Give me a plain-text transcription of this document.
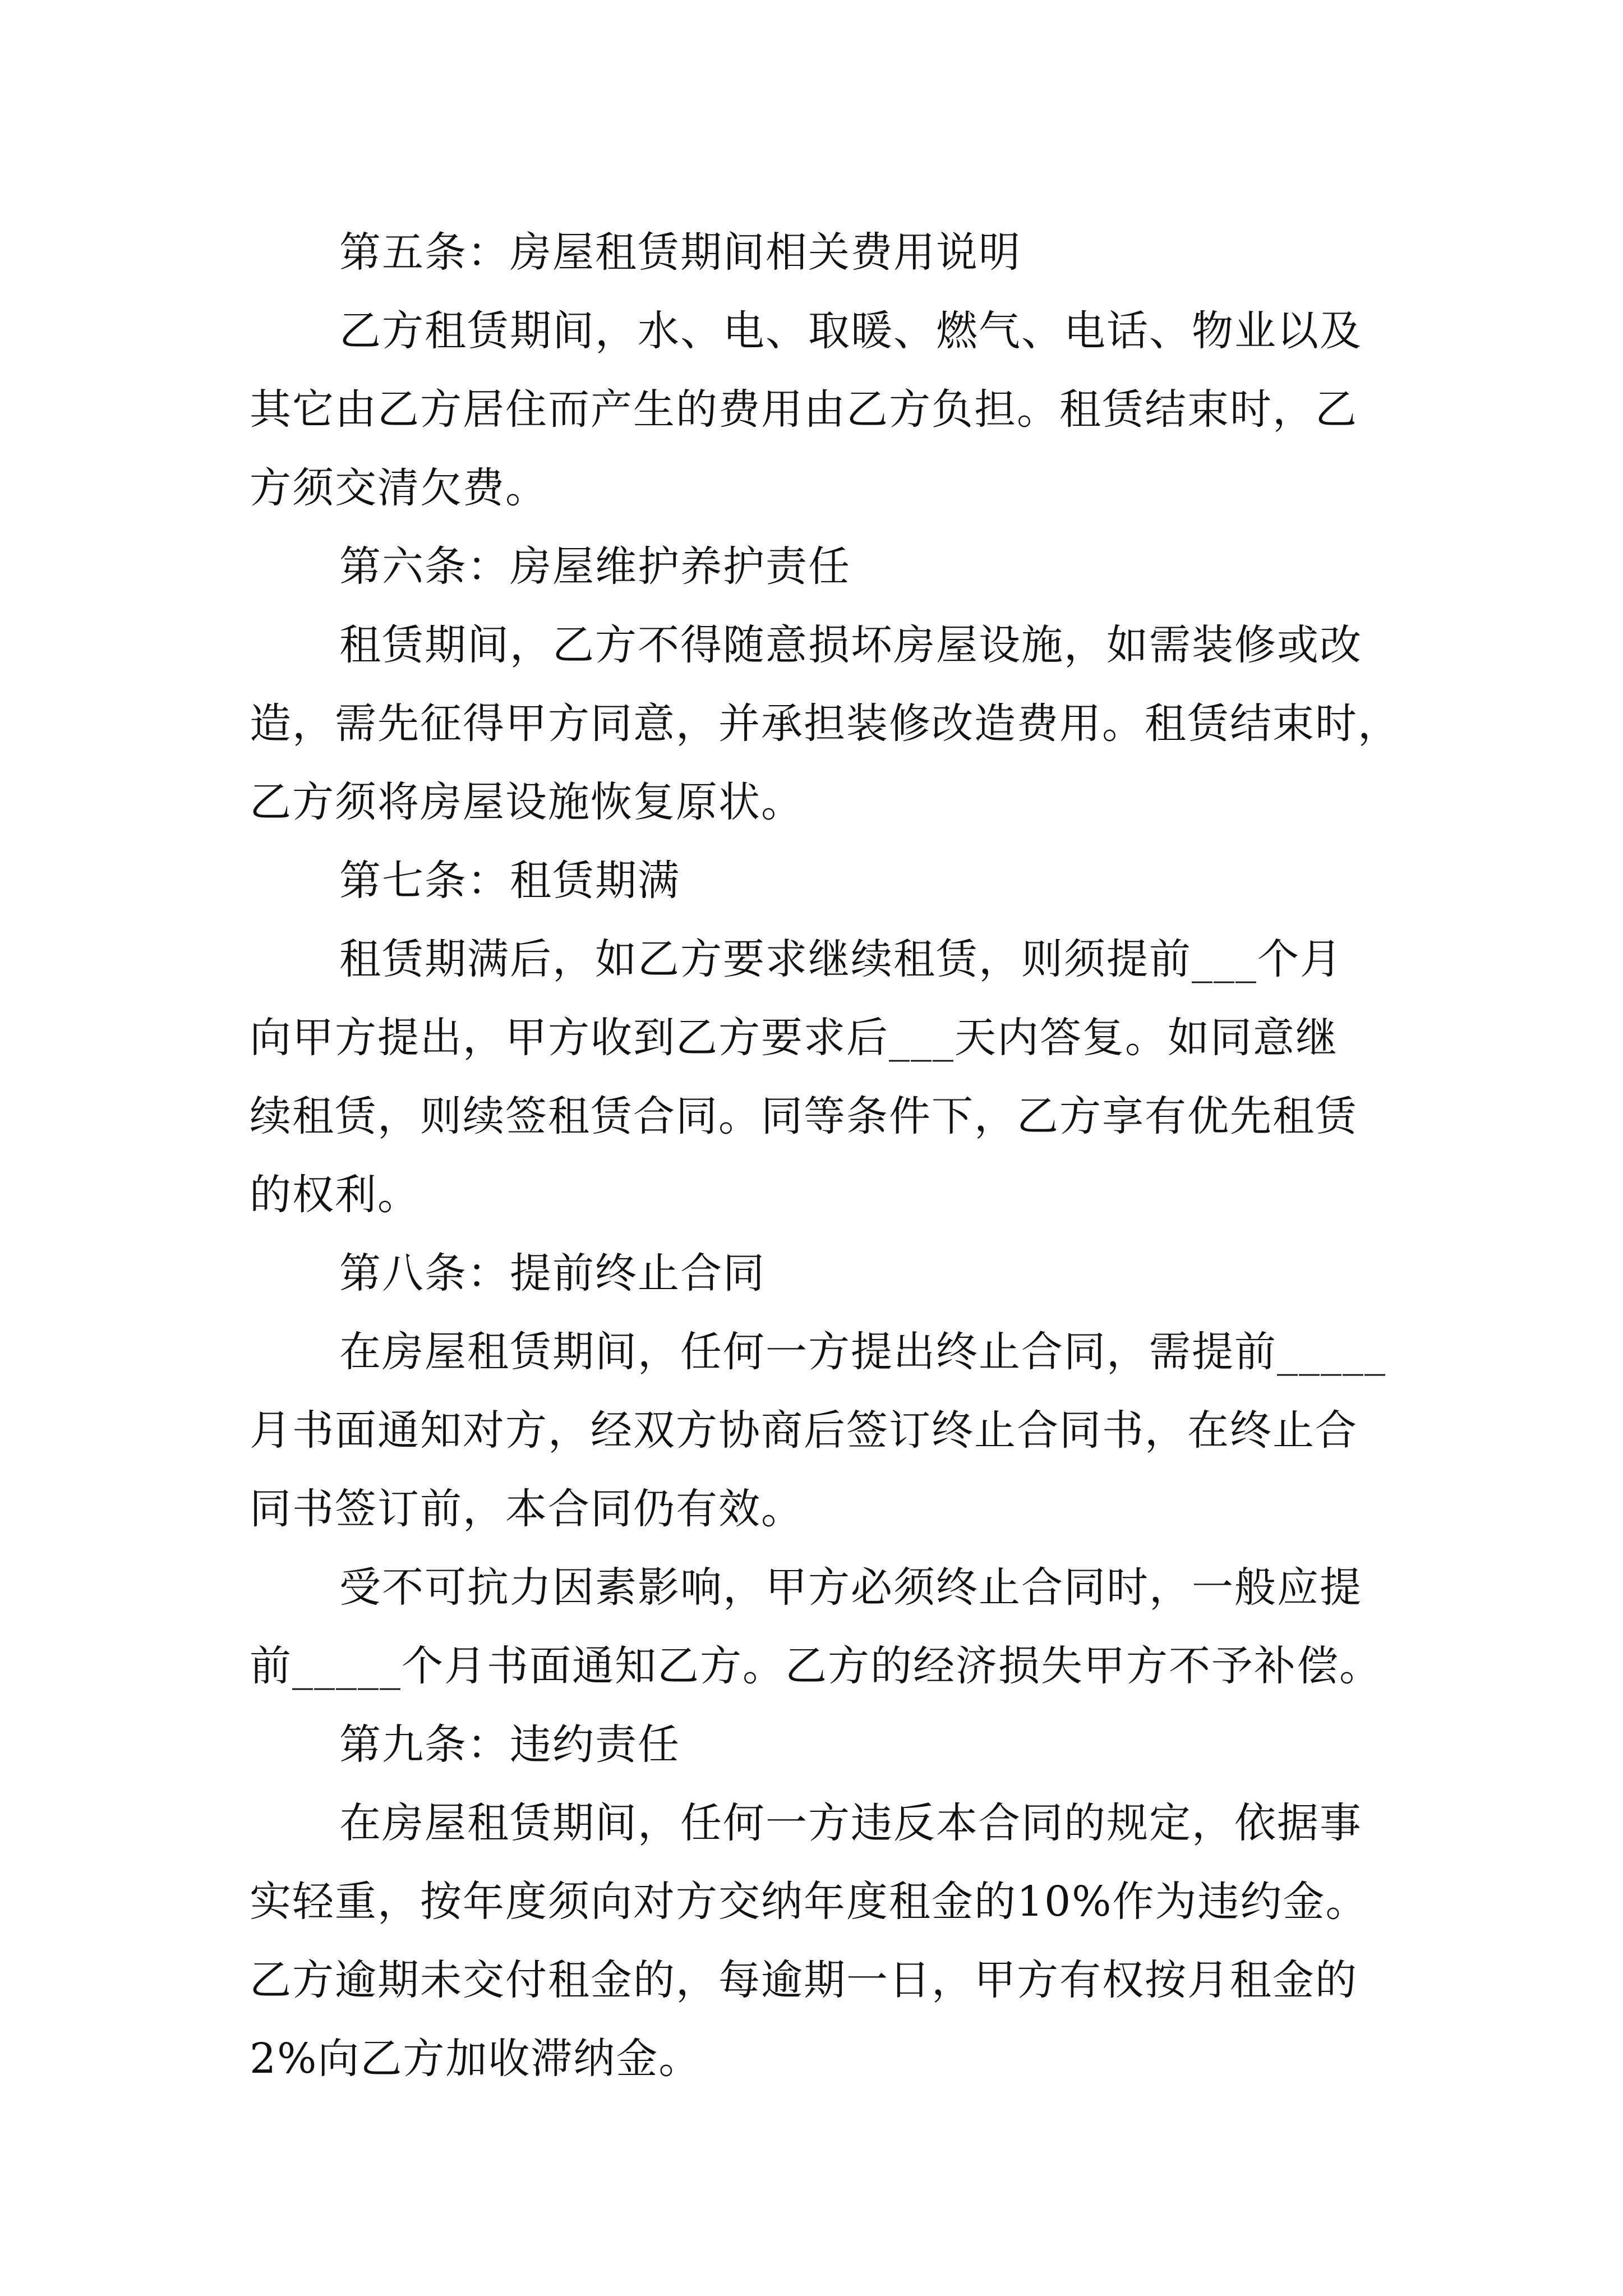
第五条：房屋租赁期间相关费用说明
乙方租赁期间，水、电、取暖、燃气、电话、物业以及
其它由乙方居住而产生的费用由乙方负担。租赁结束时，乙
方须交清欠费。
第六条：房屋维护养护责任
租赁期间，乙方不得随意损坏房屋设施，如需装修或改
造，需先征得甲方同意，并承担装修改造费用。租赁结束时，
乙方须将房屋设施恢复原状。
第七条：租赁期满
租赁期满后，如乙方要求继续租赁，则须提前___个月
向甲方提出，甲方收到乙方要求后___天内答复。如同意继
续租赁，则续签租赁合同。同等条件下，乙方享有优先租赁
的权利。
第八条：提前终止合同
在房屋租赁期间，任何一方提出终止合同，需提前_____
月书面通知对方，经双方协商后签订终止合同书，在终止合
同书签订前，本合同仍有效。
受不可抗力因素影响，甲方必须终止合同时，一般应提
前_____个月书面通知乙方。乙方的经济损失甲方不予补偿。
第九条：违约责任
在房屋租赁期间，任何一方违反本合同的规定，依据事
实轻重，按年度须向对方交纳年度租金的10%作为违约金。
乙方逾期未交付租金的，每逾期一日，甲方有权按月租金的
2%向乙方加收滞纳金。
